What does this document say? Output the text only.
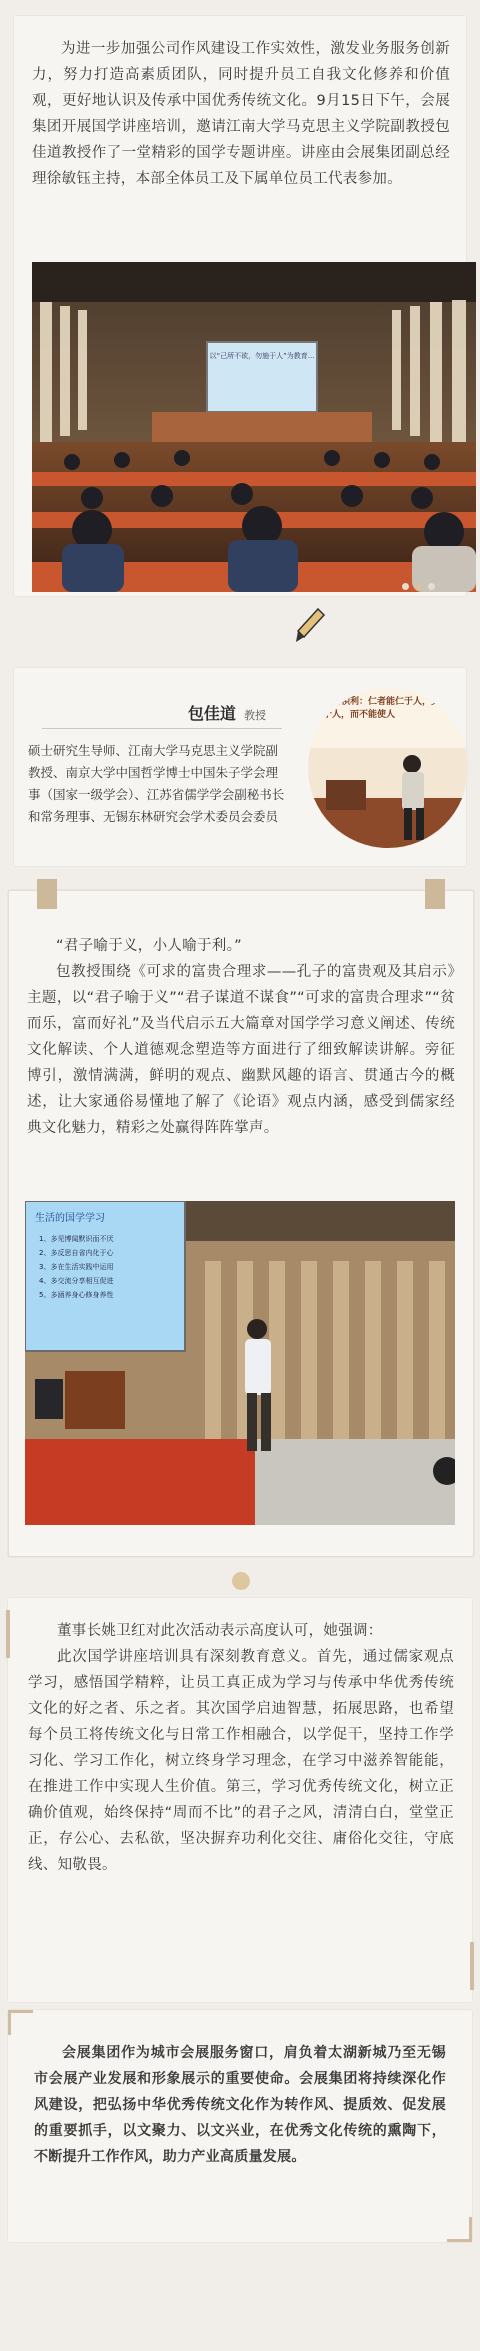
为进一步加强公司作风建设工作实效性，激发业务服务创新力，努力打造高素质团队，同时提升员工自我文化修养和价值观，更好地认识及传承中国优秀传统文化。9月15日下午，会展集团开展国学讲座培训，邀请江南大学马克思主义学院副教授包佳道教授作了一堂精彩的国学专题讲座。讲座由会展集团副总经理徐敏钰主持，本部全体员工及下属单位员工代表参加。

以“己所不欲，勿施于人”为教育...
包佳道 教授
硕士研究生导师、江南大学马克思主义学院副教授、南京大学中国哲学博士中国朱子学会理事（国家一级学会）、江苏省儒学学会副秘书长和常务理事、无锡东林研究会学术委员会委员
儒家的积利：仁者能仁于人，义者能义于人，而不能使人

“君子喻于义，小人喻于利。”

包教授围绕《可求的富贵合理求——孔子的富贵观及其启示》主题，以“君子喻于义”“君子谋道不谋食”“可求的富贵合理求”“贫而乐，富而好礼”及当代启示五大篇章对国学学习意义阐述、传统文化解读、个人道德观念塑造等方面进行了细致解读讲解。旁征博引，激情满满，鲜明的观点、幽默风趣的语言、贯通古今的概述，让大家通俗易懂地了解了《论语》观点内涵，感受到儒家经典文化魅力，精彩之处赢得阵阵掌声。

生活的国学学习
1、多见博闻默识而不厌
2、多反思自省内化于心
3、多在生活实践中运用
4、多交流分享相互促进
5、多涵养身心修身养性

董事长姚卫红对此次活动表示高度认可，她强调：

此次国学讲座培训具有深刻教育意义。首先，通过儒家观点学习，感悟国学精粹，让员工真正成为学习与传承中华优秀传统文化的好之者、乐之者。其次国学启迪智慧，拓展思路，也希望每个员工将传统文化与日常工作相融合，以学促干，坚持工作学习化、学习工作化，树立终身学习理念，在学习中滋养智能能，在推进工作中实现人生价值。第三，学习优秀传统文化，树立正确价值观，始终保持“周而不比”的君子之风，清清白白，堂堂正正，存公心、去私欲，坚决摒弃功利化交往、庸俗化交往，守底线、知敬畏。

会展集团作为城市会展服务窗口，肩负着太湖新城乃至无锡市会展产业发展和形象展示的重要使命。会展集团将持续深化作风建设，把弘扬中华优秀传统文化作为转作风、提质效、促发展的重要抓手，以文聚力、以文兴业，在优秀文化传统的熏陶下，不断提升工作作风，助力产业高质量发展。
